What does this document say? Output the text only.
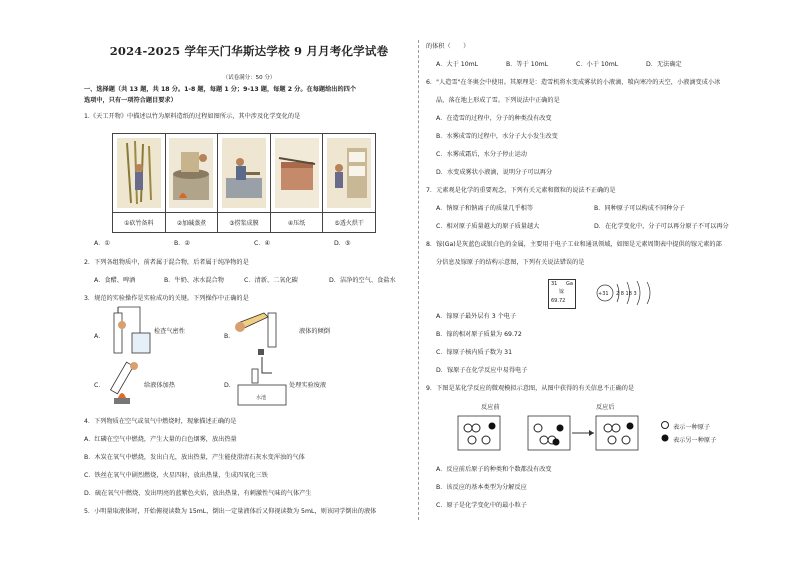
2024-2025 学年天门华斯达学校 9 月月考化学试卷
（试卷满分：50 分）
一、选择题（共 13 题，共 18 分。1-8 题，每题 1 分；9-13 题，每题 2 分。在每题给出的四个
选项中，只有一项符合题目要求）
1.《天工开物》中描述以竹为原料造纸的过程如图所示，其中涉及化学变化的是
①砍竹备料	②加碱蒸煮	③捞浆成膜	④压纸	⑤透火烘干
A．①	B．②	C．④	D．⑤
2．下列各组物质中，前者属于混合物，后者属于纯净物的是
A．食醋、啤酒	B．牛奶、冰水混合物	C．清新、二氧化碳	D．洁净的空气、食盐水
3．规范的实验操作是实验成功的关键。下列操作中正确的是
A．
检查气密性
B．
液体的倾倒
C．	给液体加热	D．	处理实验废液
水池
4．下列物质在空气或氧气中燃烧时，现象描述正确的是
A．红磷在空气中燃烧，产生大量的白色烟雾，放出热量
B．木炭在氧气中燃烧，发出白光，放出热量，产生能使澄清石灰水变浑浊的气体
C．铁丝在氧气中剧烈燃烧，火星四射，放出热量，生成四氧化三铁
D．硫在氧气中燃烧，发出明亮的蓝紫色火焰，放出热量，有刺激性气味的气体产生
5．小明量取液体时，开始俯视读数为 15mL，倒出一定量液体后又仰视读数为 5mL，则该同学倒出的液体
的体积（　　）
A．大于 10mL	B．等于 10mL	C．小于 10mL	D．无法确定
6．"人造雪"在冬奥会中使用。其原理是：造雪机将水变成雾状的小液滴，喷向寒冷的天空，小液滴变成小冰
晶，落在地上形成了雪。下列说法中正确的是
A．在造雪的过程中，分子的种类没有改变
B．水雾成雪的过程中，水分子大小发生改变
C．水雾成霜后，水分子停止运动
D．水变成雾状小液滴，说明分子可以再分
7．元素观是化学的重要观念，下列有关元素和微粒的说法不正确的是
A．钠原子和钠离子的质量几乎相等	B．同种原子可以构成不同种分子
C．相对原子质量越大的原子质量越大	D．在化学变化中，分子可以再分原子不可以再分
8．镓(Ga)是灰蓝色或银白色的金属，主要用于电子工业和通讯领域，如图是元素周期表中提供的镓元素的部
分信息及镓原子的结构示意图，下列有关说法错误的是
31 Ga
镓
69.72
+31 2 8 18 3
A．镓原子最外层有 3 个电子
B．镓的相对原子质量为 69.72
C．镓原子核内质子数为 31
D．镓原子在化学反应中易得电子
9．下图是某化学反应的微观模拟示意图，从图中获得的有关信息不正确的是
反应前	反应后
A．反应前后原子的种类和个数都没有改变
B．该反应的基本类型为分解反应
C．原子是化学变化中的最小粒子
表示一种原子
表示另一种原子
